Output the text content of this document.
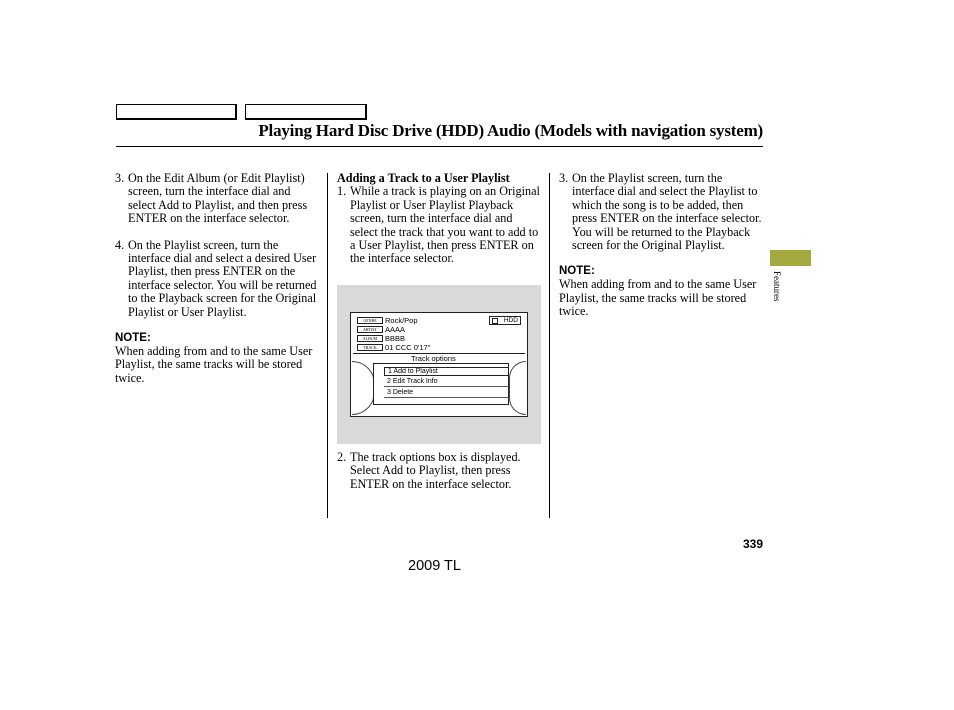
Playing Hard Disc Drive (HDD) Audio (Models with navigation system)
3. On the Edit Album (or Edit Playlist) screen, turn the interface dial and select Add to Playlist, and then press ENTER on the interface selector.
4. On the Playlist screen, turn the interface dial and select a desired User Playlist, then press ENTER on the interface selector. You will be returned to the Playback screen for the Original Playlist or User Playlist.
NOTE:
When adding from and to the same User Playlist, the same tracks will be stored twice.
Adding a Track to a User Playlist
1. While a track is playing on an Original Playlist or User Playlist Playback screen, turn the interface dial and select the track that you want to add to a User Playlist, then press ENTER on the interface selector.
GENRE	Rock/Pop
ARTIST	AAAA
ALBUM	BBBB
TRACK	01 CCC 0'17"
HDD
Track options
1 Add to Playlist
2 Edit Track Info
3 Delete
2. The track options box is displayed. Select Add to Playlist, then press ENTER on the interface selector.
3. On the Playlist screen, turn the interface dial and select the Playlist to which the song is to be added, then press ENTER on the interface selector. You will be returned to the Playback screen for the Original Playlist.
NOTE:
When adding from and to the same User Playlist, the same tracks will be stored twice.
Features
339
2009 TL
